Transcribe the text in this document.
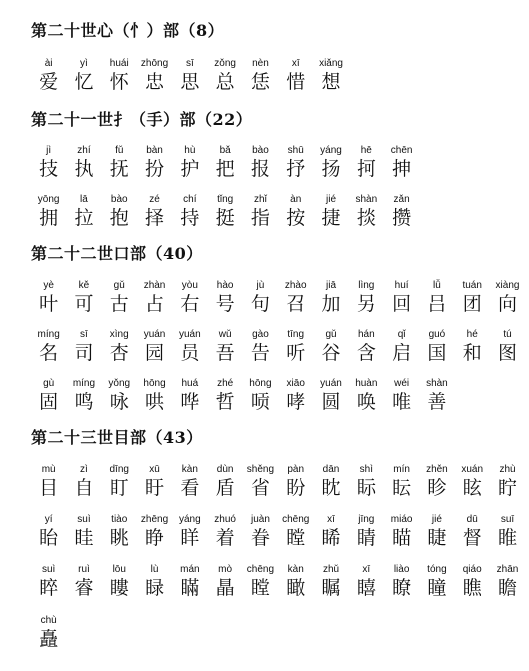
第二十世心（忄）部（8）
ài
爱
yì
忆
huái
怀
zhōng
忠
sī
思
zǒng
总
nèn
恁
xī
惜
xiǎng
想
第二十一世扌（手）部（22）
jì
技
zhí
执
fǔ
抚
bàn
扮
hù
护
bǎ
把
bào
报
shū
抒
yáng
扬
hē
抲
chēn
抻
yōng
拥
lā
拉
bào
抱
zé
择
chí
持
tǐng
挺
zhǐ
指
àn
按
jié
捷
shàn
掞
zǎn
攒
第二十二世口部（40）
yè
叶
kě
可
gǔ
古
zhàn
占
yòu
右
hào
号
jù
句
zhào
召
jiā
加
lìng
另
huí
回
lǚ
吕
tuán
团
xiàng
向
míng
名
sī
司
xìng
杏
yuán
园
yuán
员
wǔ
吾
gào
告
tīng
听
gǔ
谷
hán
含
qǐ
启
guó
国
hé
和
tú
图
gù
固
míng
鸣
yǒng
咏
hōng
哄
huá
哗
zhé
哲
hōng
唝
xiāo
哮
yuán
圆
huàn
唤
wéi
唯
shàn
善
第二十三世目部（43）
mù
目
zì
自
dīng
盯
xū
盱
kàn
看
dùn
盾
shěng
省
pàn
盼
dān
眈
shì
眎
mín
眃
zhěn
眕
xuán
眩
zhù
眝
yí
眙
suì
眭
tiào
眺
zhēng
睁
yáng
眻
zhuó
着
juàn
眷
chēng
瞠
xī
睎
jīng
睛
miáo
瞄
jié
睫
dū
督
suī
睢
suì
睟
ruì
睿
lōu
瞜
lù
睩
mán
瞞
mò
瞐
chēng
瞠
kàn
瞰
zhǔ
瞩
xī
瞦
liào
瞭
tóng
瞳
qiáo
瞧
zhān
瞻
chù
矗
